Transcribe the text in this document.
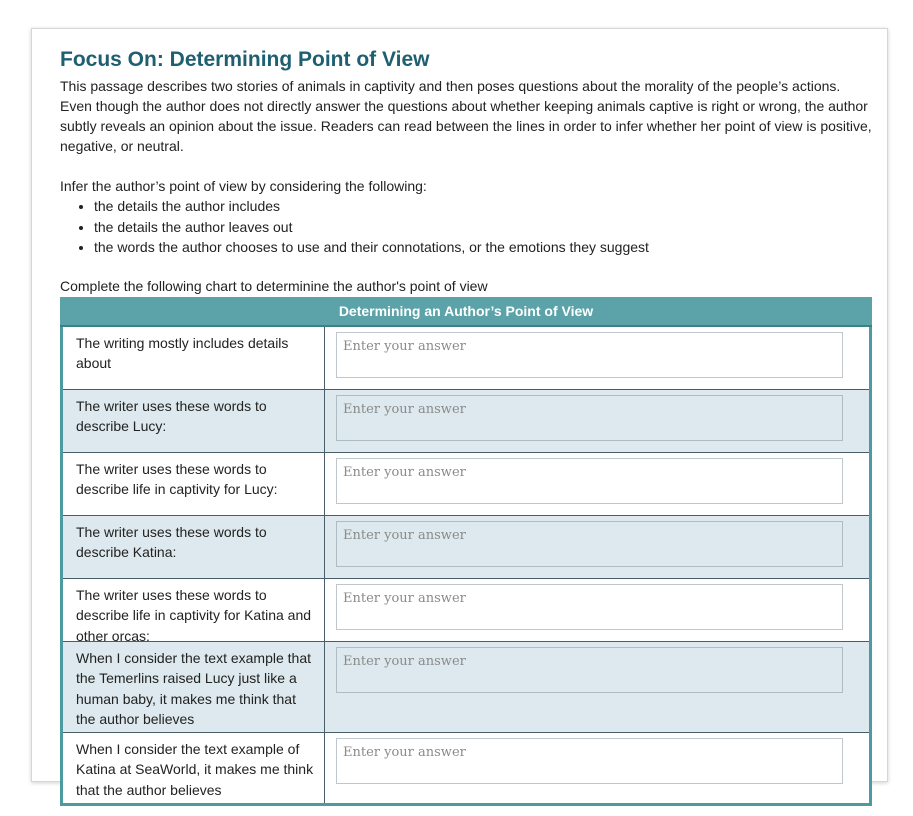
Focus On: Determining Point of View

This passage describes two stories of animals in captivity and then poses questions about the morality of the people’s actions. Even though the author does not directly answer the questions about whether keeping animals captive is right or wrong, the author subtly reveals an opinion about the issue. Readers can read between the lines in order to infer whether her point of view is positive, negative, or neutral.

Infer the author’s point of view by considering the following:
• the details the author includes
• the details the author leaves out
• the words the author chooses to use and their connotations, or the emotions they suggest
Complete the following chart to determinine the author's point of view
Determining an Author’s Point of View
The writing mostly includes details about
Enter your answer
The writer uses these words to describe Lucy:
Enter your answer
The writer uses these words to describe life in captivity for Lucy:
Enter your answer
The writer uses these words to describe Katina:
Enter your answer
The writer uses these words to describe life in captivity for Katina and other orcas:
Enter your answer
When I consider the text example that the Temerlins raised Lucy just like a human baby, it makes me think that the author believes
Enter your answer
When I consider the text example of Katina at SeaWorld, it makes me think that the author believes
Enter your answer
